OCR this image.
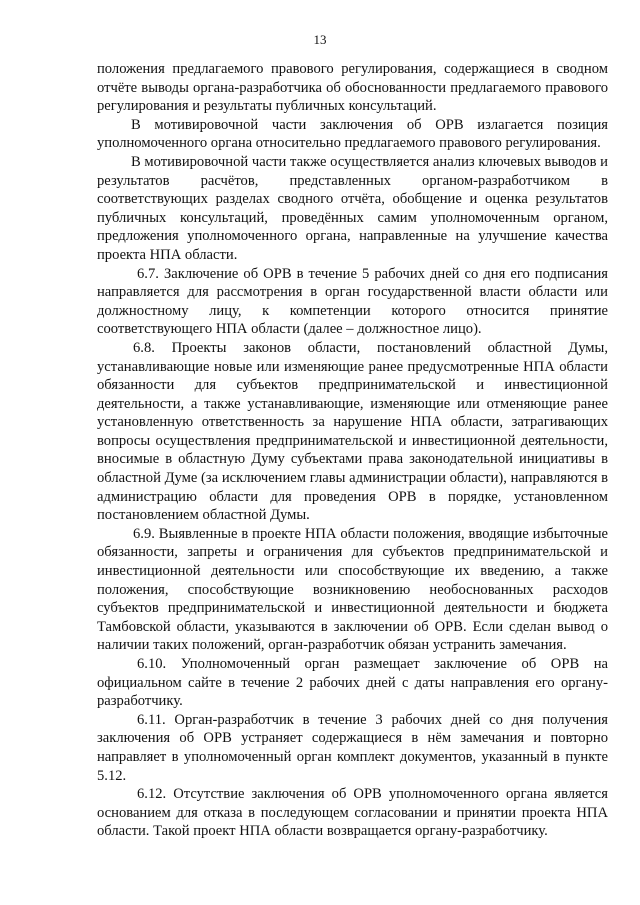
13

положения предлагаемого правового регулирования, содержащиеся в сводном отчёте выводы органа-разработчика об обоснованности предлагаемого правового регулирования и результаты публичных консультаций.

В мотивировочной части заключения об ОРВ излагается позиция уполномоченного органа относительно предлагаемого правового регулирования.

В мотивировочной части также осуществляется анализ ключевых выводов и результатов расчётов, представленных органом-разработчиком в соответствующих разделах сводного отчёта, обобщение и оценка результатов публичных консультаций, проведённых самим уполномоченным органом, предложения уполномоченного органа, направленные на улучшение качества проекта НПА области.

6.7. Заключение об ОРВ в течение 5 рабочих дней со дня его подписания направляется для рассмотрения в орган государственной власти области или должностному лицу, к компетенции которого относится принятие соответствующего НПА области (далее – должностное лицо).

6.8. Проекты законов области, постановлений областной Думы, устанавливающие новые или изменяющие ранее предусмотренные НПА области обязанности для субъектов предпринимательской и инвестиционной деятельности, а также устанавливающие, изменяющие или отменяющие ранее установленную ответственность за нарушение НПА области, затрагивающих вопросы осуществления предпринимательской и инвестиционной деятельности, вносимые в областную Думу субъектами права законодательной инициативы в областной Думе (за исключением главы администрации области), направляются в администрацию области для проведения ОРВ в порядке, установленном постановлением областной Думы.

6.9. Выявленные в проекте НПА области положения, вводящие избыточные обязанности, запреты и ограничения для субъектов предпринимательской и инвестиционной деятельности или способствующие их введению, а также положения, способствующие возникновению необоснованных расходов субъектов предпринимательской и инвестиционной деятельности и бюджета Тамбовской области, указываются в заключении об ОРВ. Если сделан вывод о наличии таких положений, орган-разработчик обязан устранить замечания.

6.10. Уполномоченный орган размещает заключение об ОРВ на официальном сайте в течение 2 рабочих дней с даты направления его органу-разработчику.

6.11. Орган-разработчик в течение 3 рабочих дней со дня получения заключения об ОРВ устраняет содержащиеся в нём замечания и повторно направляет в уполномоченный орган комплект документов, указанный в пункте 5.12.

6.12. Отсутствие заключения об ОРВ уполномоченного органа является основанием для отказа в последующем согласовании и принятии проекта НПА области. Такой проект НПА области возвращается органу-разработчику.
